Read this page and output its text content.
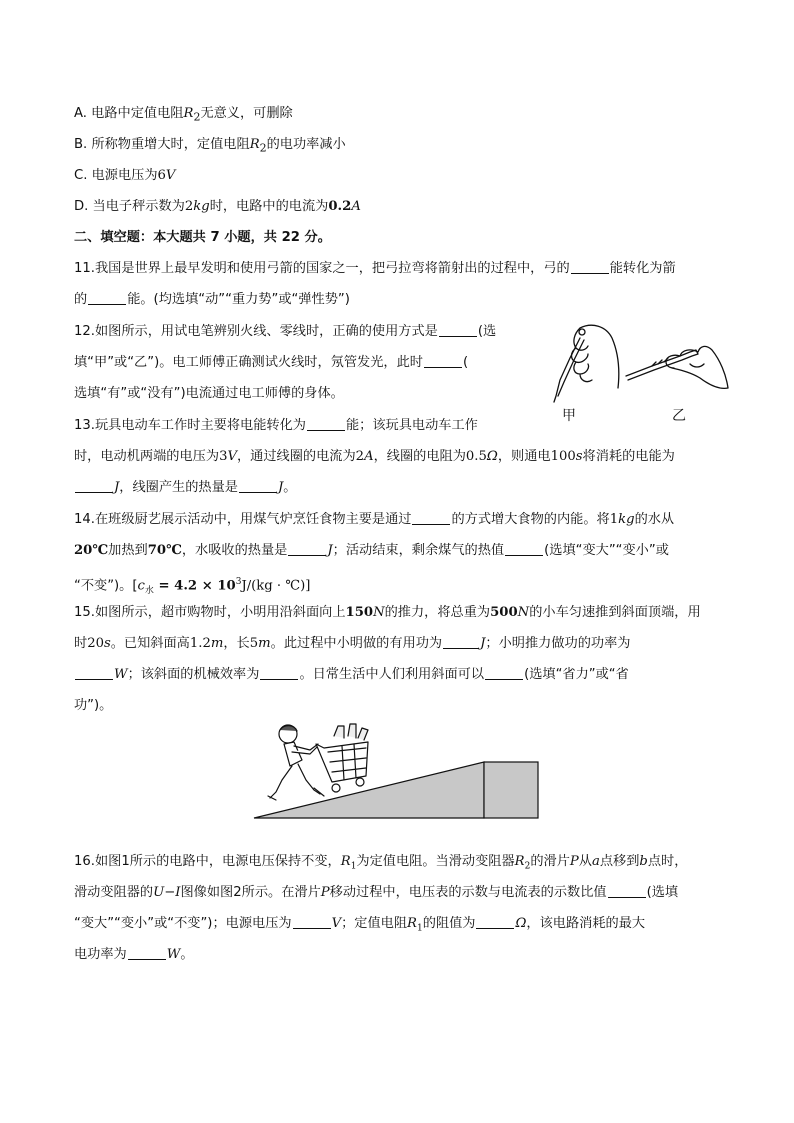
A. 电路中定值电阻$R_2$无意义，可删除
B. 所称物重增大时，定值电阻$R_2$的电功率减小
C. 电源电压为6V
D. 当电子秤示数为2kg时，电路中的电流为0.2A
二、填空题：本大题共 7 小题，共 22 分。
11.我国是世界上最早发明和使用弓箭的国家之一，把弓拉弯将箭射出的过程中，弓的	能转化为箭
的	能。(均选填“动”“重力势”或“弹性势”)
12.如图所示，用试电笔辨别火线、零线时，正确的使用方式是	(选
填“甲”或“乙”)。电工师傅正确测试火线时，氖管发光，此时	(
选填“有”或“没有”)电流通过电工师傅的身体。
甲	乙
13.玩具电动车工作时主要将电能转化为	能；该玩具电动车工作
时，电动机两端的电压为3V，通过线圈的电流为2A，线圈的电阻为0.5Ω，则通电100s将消耗的电能为
J，线圈产生的热量是	J。
14.在班级厨艺展示活动中，用煤气炉烹饪食物主要是通过	的方式增大食物的内能。将1kg的水从
20℃加热到70℃，水吸收的热量是	J；活动结束，剩余煤气的热值	(选填“变大”“变小”或
“不变”)。[$c_水 = 4.2 \times 10^3J/(kg$ · ℃)]
15.如图所示，超市购物时，小明用沿斜面向上150N的推力，将总重为500N的小车匀速推到斜面顶端，用
时20s。已知斜面高1.2m，长5m。此过程中小明做的有用功为	J；小明推力做功的功率为
W；该斜面的机械效率为	。日常生活中人们利用斜面可以	(选填“省力”或“省
功”)。
16.如图1所示的电路中，电源电压保持不变，$R_1$为定值电阻。当滑动变阻器$R_2$的滑片P从a点移到b点时，
滑动变阻器的U−I图像如图2所示。在滑片P移动过程中，电压表的示数与电流表的示数比值	(选填
“变大”“变小”或“不变”)；电源电压为	V；定值电阻$R_1$的阻值为	Ω，该电路消耗的最大
电功率为	W。
